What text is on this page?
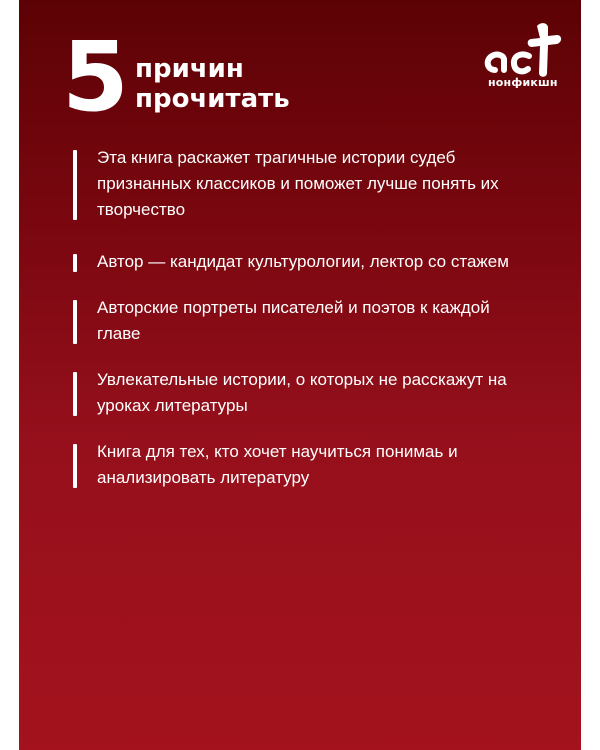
5 причин
прочитать
нонфикшн
Эта книга раскажет трагичные истории судеб признанных классиков и поможет лучше понять их творчество
Автор — кандидат культурологии, лектор со стажем
Авторские портреты писателей и поэтов к каждой главе
Увлекательные истории, о которых не расскажут на уроках литературы
Книга для тех, кто хочет научиться понимаь и анализировать литературу
